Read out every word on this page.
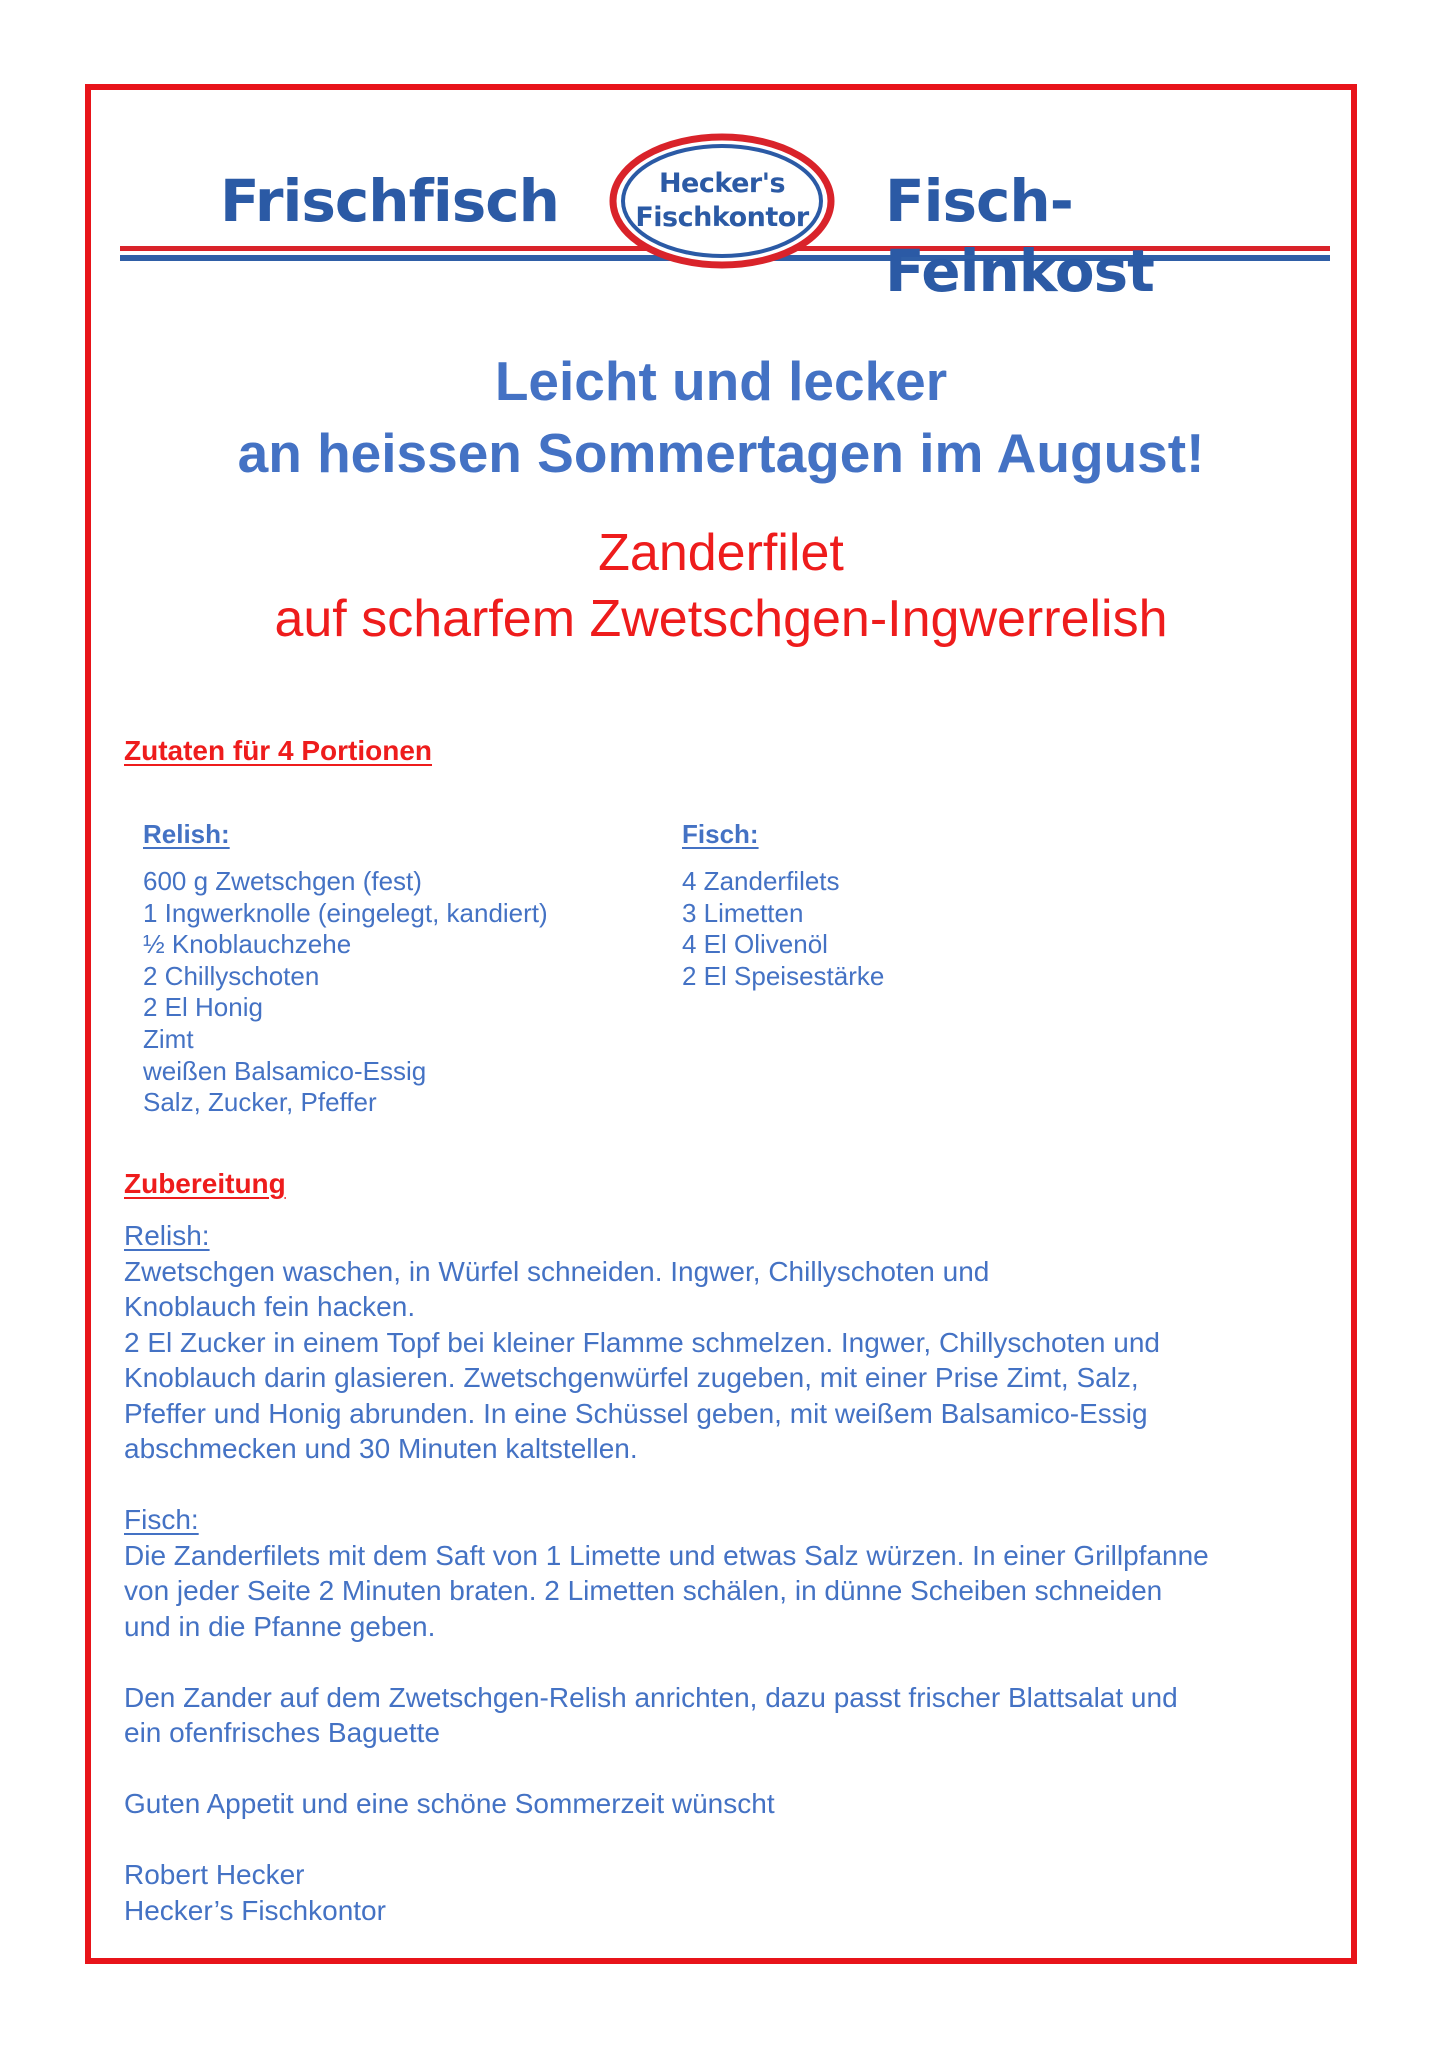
Frischfisch	Fisch-Feinkost
Hecker's
Fischkontor
Leicht und lecker
an heissen Sommertagen im August!
Zanderfilet
auf scharfem Zwetschgen-Ingwerrelish
Zutaten für 4 Portionen
Relish:
600 g Zwetschgen (fest)
1 Ingwerknolle (eingelegt, kandiert)
½ Knoblauchzehe
2 Chillyschoten
2 El Honig
Zimt
weißen Balsamico-Essig
Salz, Zucker, Pfeffer
Fisch:
4 Zanderfilets
3 Limetten
4 El Olivenöl
2 El Speisestärke
Zubereitung

Relish:

Zwetschgen waschen, in Würfel schneiden. Ingwer, Chillyschoten und
Knoblauch fein hacken.
2 El Zucker in einem Topf bei kleiner Flamme schmelzen. Ingwer, Chillyschoten und
Knoblauch darin glasieren. Zwetschgenwürfel zugeben, mit einer Prise Zimt, Salz,
Pfeffer und Honig abrunden. In eine Schüssel geben, mit weißem Balsamico-Essig
abschmecken und 30 Minuten kaltstellen.

Fisch:

Die Zanderfilets mit dem Saft von 1 Limette und etwas Salz würzen. In einer Grillpfanne
von jeder Seite 2 Minuten braten. 2 Limetten schälen, in dünne Scheiben schneiden
und in die Pfanne geben.
Den Zander auf dem Zwetschgen-Relish anrichten, dazu passt frischer Blattsalat und
ein ofenfrisches Baguette

Guten Appetit und eine schöne Sommerzeit wünscht

Robert Hecker

Hecker’s Fischkontor
